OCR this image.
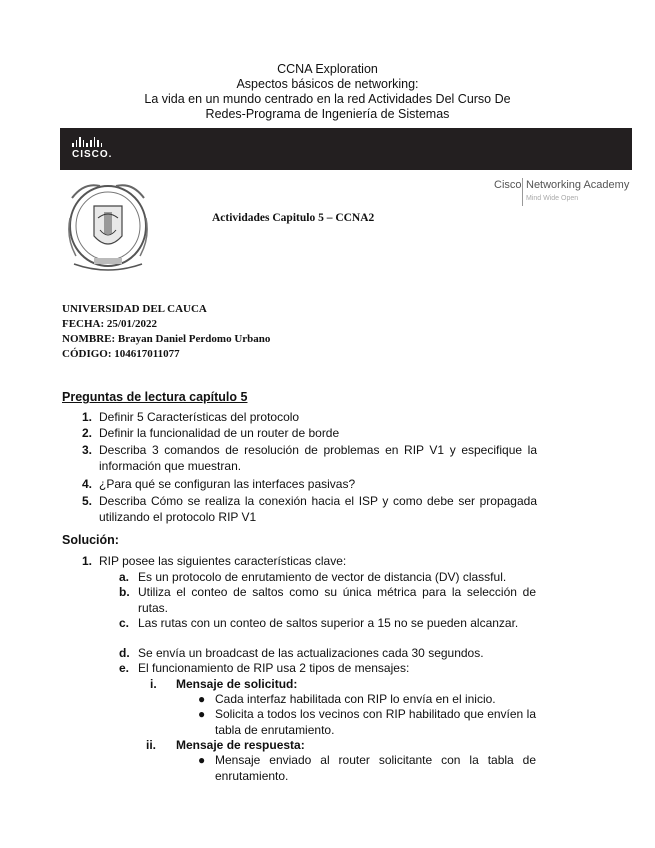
CCNA Exploration
Aspectos básicos de networking:
La vida en un mundo centrado en la red Actividades Del Curso De
Redes-Programa de Ingeniería de Sistemas
CISCO.
Actividades Capitulo 5 – CCNA2
Cisco Networking Academy
Mind Wide Open
UNIVERSIDAD DEL CAUCA
FECHA: 25/01/2022
NOMBRE: Brayan Daniel Perdomo Urbano
CÓDIGO: 104617011077
Preguntas de lectura capítulo 5
1. Definir 5 Características del protocolo
2. Definir la funcionalidad de un router de borde
3. Describa 3 comandos de resolución de problemas en RIP V1 y especifique la información que muestran.
4. ¿Para qué se configuran las interfaces pasivas?
5. Describa Cómo se realiza la conexión hacia el ISP y como debe ser propagada utilizando el protocolo RIP V1
Solución:
1. RIP posee las siguientes características clave:
a. Es un protocolo de enrutamiento de vector de distancia (DV) classful.
b. Utiliza el conteo de saltos como su única métrica para la selección de rutas.
c. Las rutas con un conteo de saltos superior a 15 no se pueden alcanzar.
d. Se envía un broadcast de las actualizaciones cada 30 segundos.
e. El funcionamiento de RIP usa 2 tipos de mensajes:
i. Mensaje de solicitud:
● Cada interfaz habilitada con RIP lo envía en el inicio.
● Solicita a todos los vecinos con RIP habilitado que envíen la tabla de enrutamiento.
ii. Mensaje de respuesta:
● Mensaje enviado al router solicitante con la tabla de enrutamiento.
